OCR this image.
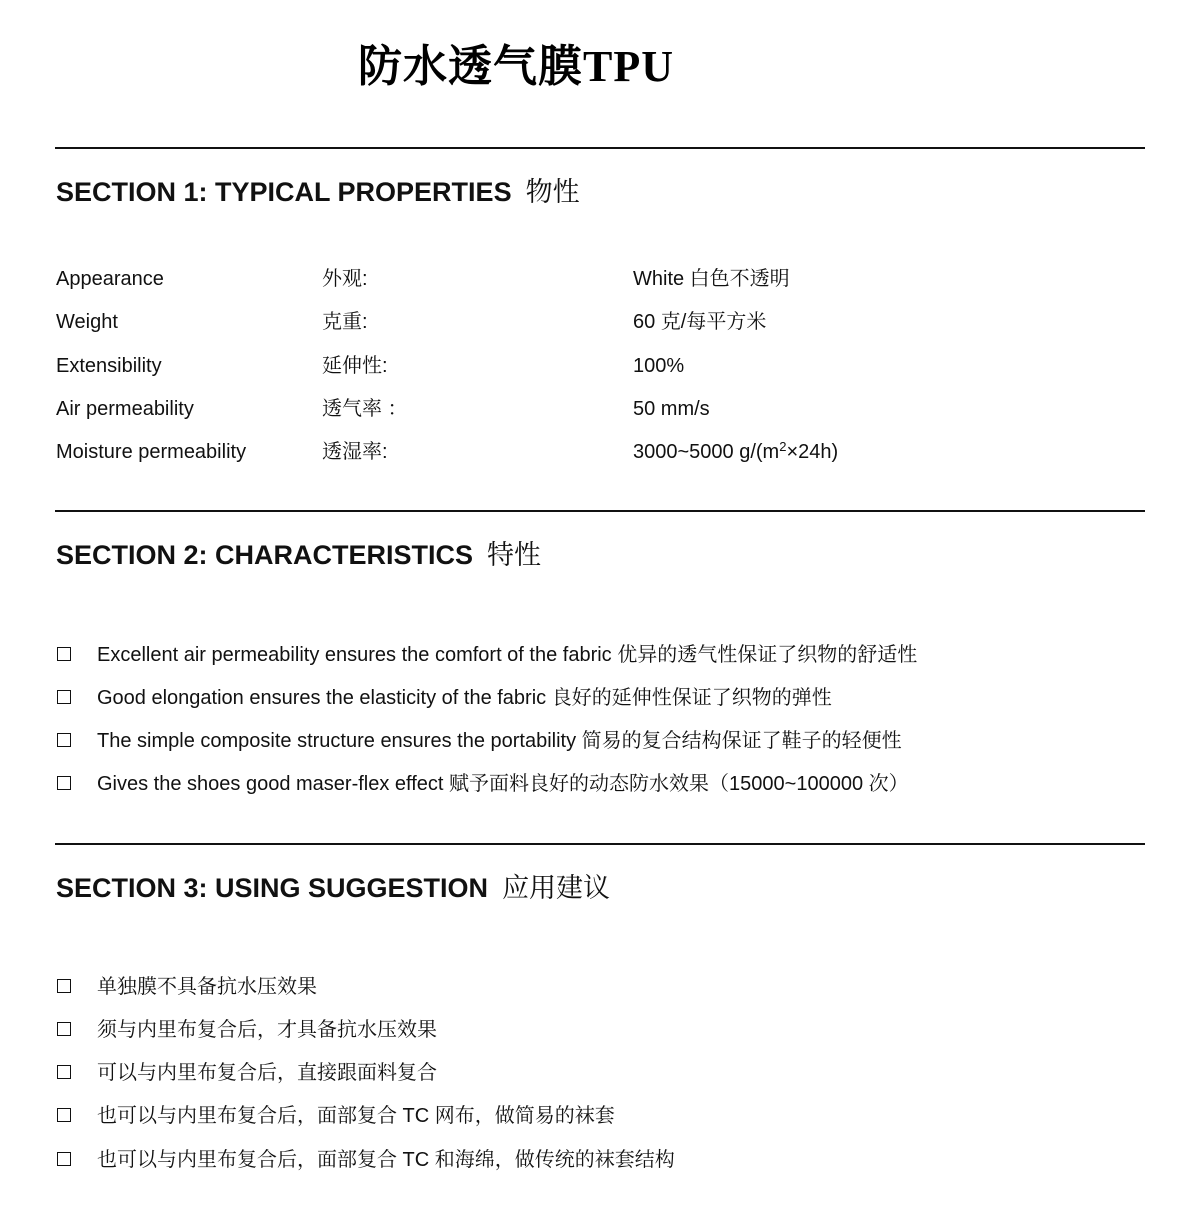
防水透气膜TPU
SECTION 1: TYPICAL PROPERTIES 物性
Appearance	外观:	White 白色不透明
Weight	克重:	60 克/每平方米
Extensibility	延伸性:	100%
Air permeability	透气率 ：	50 mm/s
Moisture permeability	透湿率:	3000~5000 $g/(m^2\times 24h)$
SECTION 2: CHARACTERISTICS 特性
Excellent air permeability ensures the comfort of the fabric 优异的透气性保证了织物的舒适性
Good elongation ensures the elasticity of the fabric 良好的延伸性保证了织物的弹性
The simple composite structure ensures the portability 简易的复合结构保证了鞋子的轻便性
Gives the shoes good maser-flex effect 赋予面料良好的动态防水效果（15000~100000 次）
SECTION 3: USING SUGGESTION 应用建议
单独膜不具备抗水压效果
须与内里布复合后，才具备抗水压效果
可以与内里布复合后，直接跟面料复合
也可以与内里布复合后，面部复合 TC 网布，做简易的袜套
也可以与内里布复合后，面部复合 TC 和海绵，做传统的袜套结构
